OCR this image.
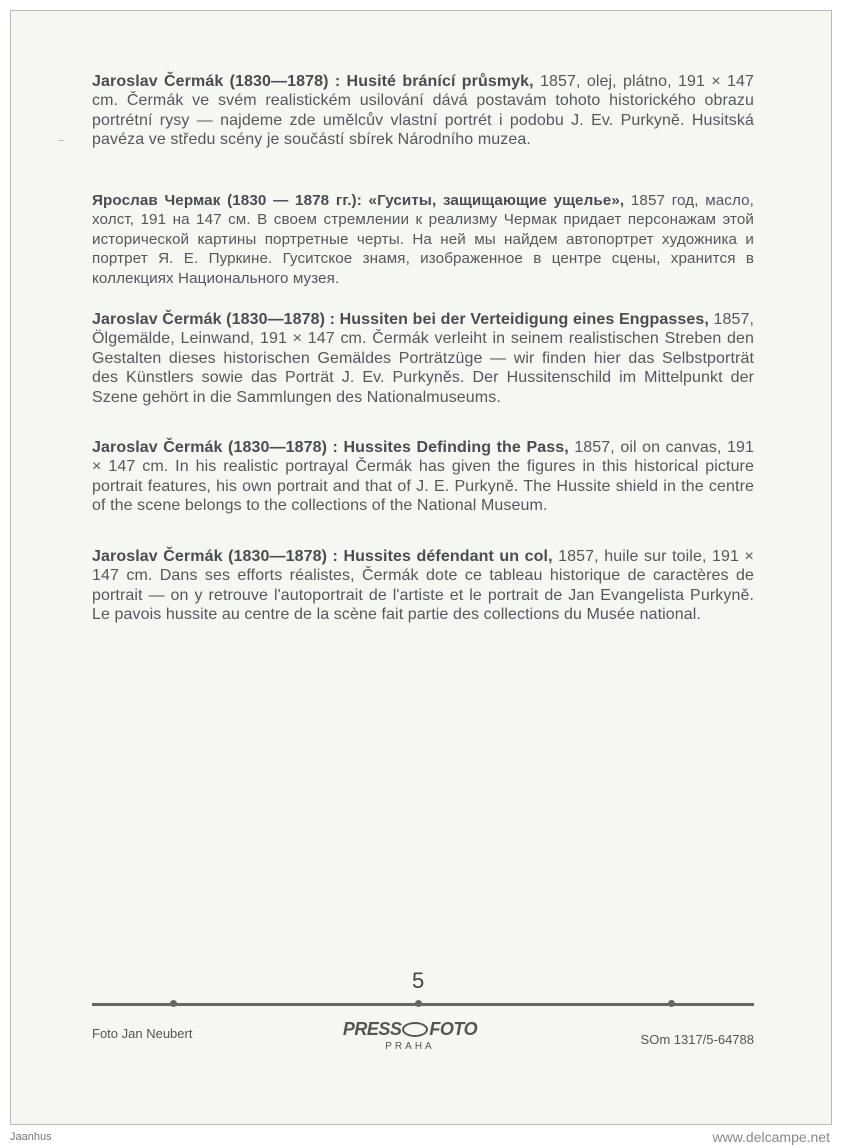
Jaroslav Čermák (1830—1878) : Husité bránící průsmyk, 1857, olej, plátno, 191 × 147 cm. Čermák ve svém realistickém usilování dává postavám tohoto historického obrazu portrétní rysy — najdeme zde umělcův vlastní portrét i podobu J. Ev. Purkyně. Husitská pavéza ve středu scény je součástí sbírek Národního muzea.

Ярослав Чермак (1830 — 1878 гг.): «Гуситы, защищающие ущелье», 1857 год, масло, холст, 191 на 147 см. В своем стремлении к реализму Чермак придает персонажам этой исторической картины портретные черты. На ней мы найдем автопортрет художника и портрет Я. Е. Пуркине. Гуситское знамя, изображенное в центре сцены, хранится в коллекциях Национального музея.

Jaroslav Čermák (1830—1878) : Hussiten bei der Verteidigung eines Engpasses, 1857, Ölgemälde, Leinwand, 191 × 147 cm. Čermák verleiht in seinem realistischen Streben den Gestalten dieses historischen Gemäldes Porträtzüge — wir finden hier das Selbstporträt des Künstlers sowie das Porträt J. Ev. Purkyněs. Der Hussitenschild im Mittelpunkt der Szene gehört in die Sammlungen des Nationalmuseums.

Jaroslav Čermák (1830—1878) : Hussites Definding the Pass, 1857, oil on canvas, 191 × 147 cm. In his realistic portrayal Čermák has given the figures in this historical picture portrait features, his own portrait and that of J. E. Purkyně. The Hussite shield in the centre of the scene belongs to the collections of the National Museum.

Jaroslav Čermák (1830—1878) : Hussites défendant un col, 1857, huile sur toile, 191 × 147 cm. Dans ses efforts réalistes, Čermák dote ce tableau historique de caractères de portrait — on y retrouve l'autoportrait de l'artiste et le portrait de Jan Evangelista Purkyně. Le pavois hussite au centre de la scène fait partie des collections du Musée national.

5
Foto Jan Neubert	PRESS FOTO
PRAHA	SOm 1317/5-64788
Jaanhus	www.delcampe.net
